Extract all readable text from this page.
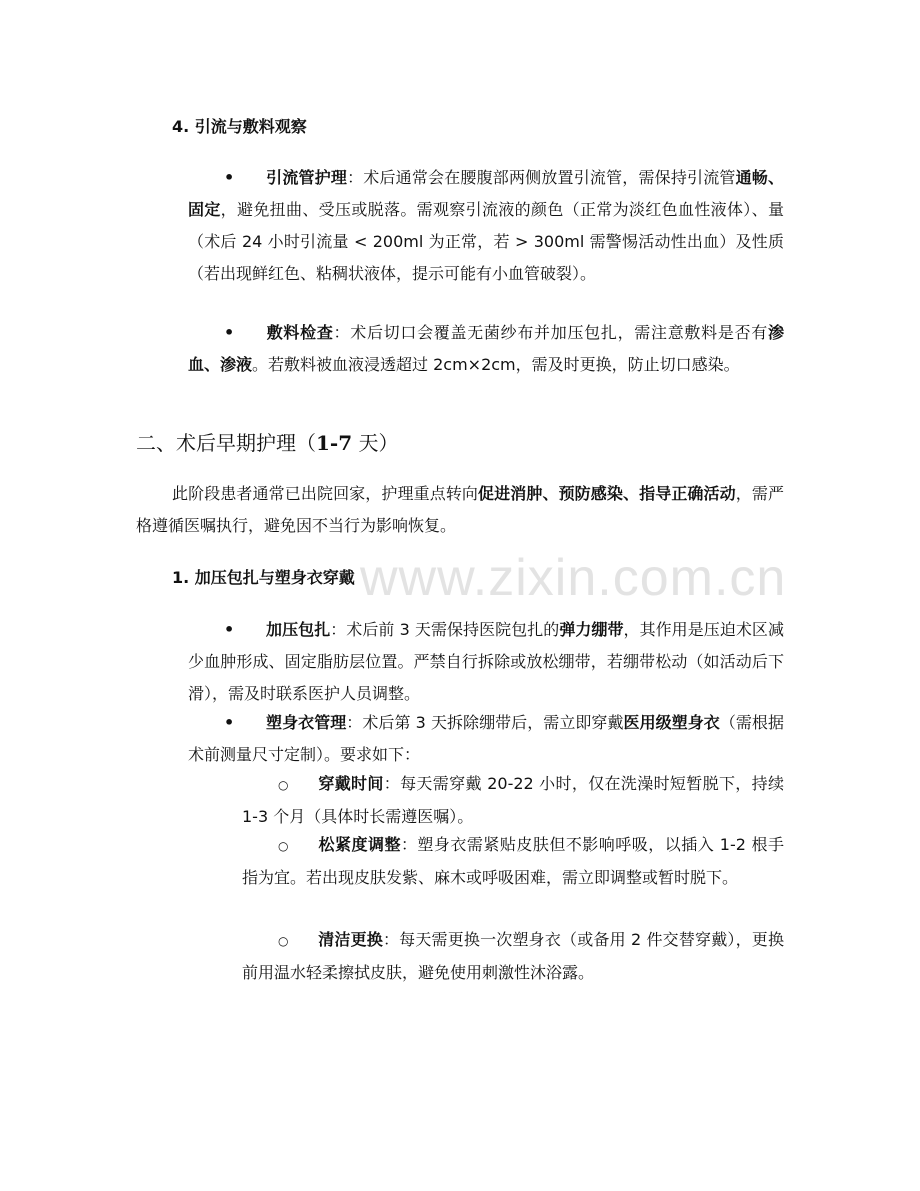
www.zixin.com.cn
4. 引流与敷料观察
•引流管护理：术后通常会在腰腹部两侧放置引流管，需保持引流管通畅、固定，避免扭曲、受压或脱落。需观察引流液的颜色（正常为淡红色血性液体）、量（术后 24 小时引流量 < 200ml 为正常，若 > 300ml 需警惕活动性出血）及性质（若出现鲜红色、粘稠状液体，提示可能有小血管破裂）。
•敷料检查：术后切口会覆盖无菌纱布并加压包扎，需注意敷料是否有渗血、渗液。若敷料被血液浸透超过 2cm×2cm，需及时更换，防止切口感染。
二、术后早期护理（1-7 天）
此阶段患者通常已出院回家，护理重点转向促进消肿、预防感染、指导正确活动，需严格遵循医嘱执行，避免因不当行为影响恢复。
1. 加压包扎与塑身衣穿戴
•加压包扎：术后前 3 天需保持医院包扎的弹力绷带，其作用是压迫术区减少血肿形成、固定脂肪层位置。严禁自行拆除或放松绷带，若绷带松动（如活动后下滑），需及时联系医护人员调整。
•塑身衣管理：术后第 3 天拆除绷带后，需立即穿戴医用级塑身衣（需根据术前测量尺寸定制）。要求如下：
○穿戴时间：每天需穿戴 20-22 小时，仅在洗澡时短暂脱下，持续 1-3 个月（具体时长需遵医嘱）。
○松紧度调整：塑身衣需紧贴皮肤但不影响呼吸，以插入 1-2 根手指为宜。若出现皮肤发紫、麻木或呼吸困难，需立即调整或暂时脱下。
○清洁更换：每天需更换一次塑身衣（或备用 2 件交替穿戴），更换前用温水轻柔擦拭皮肤，避免使用刺激性沐浴露。
